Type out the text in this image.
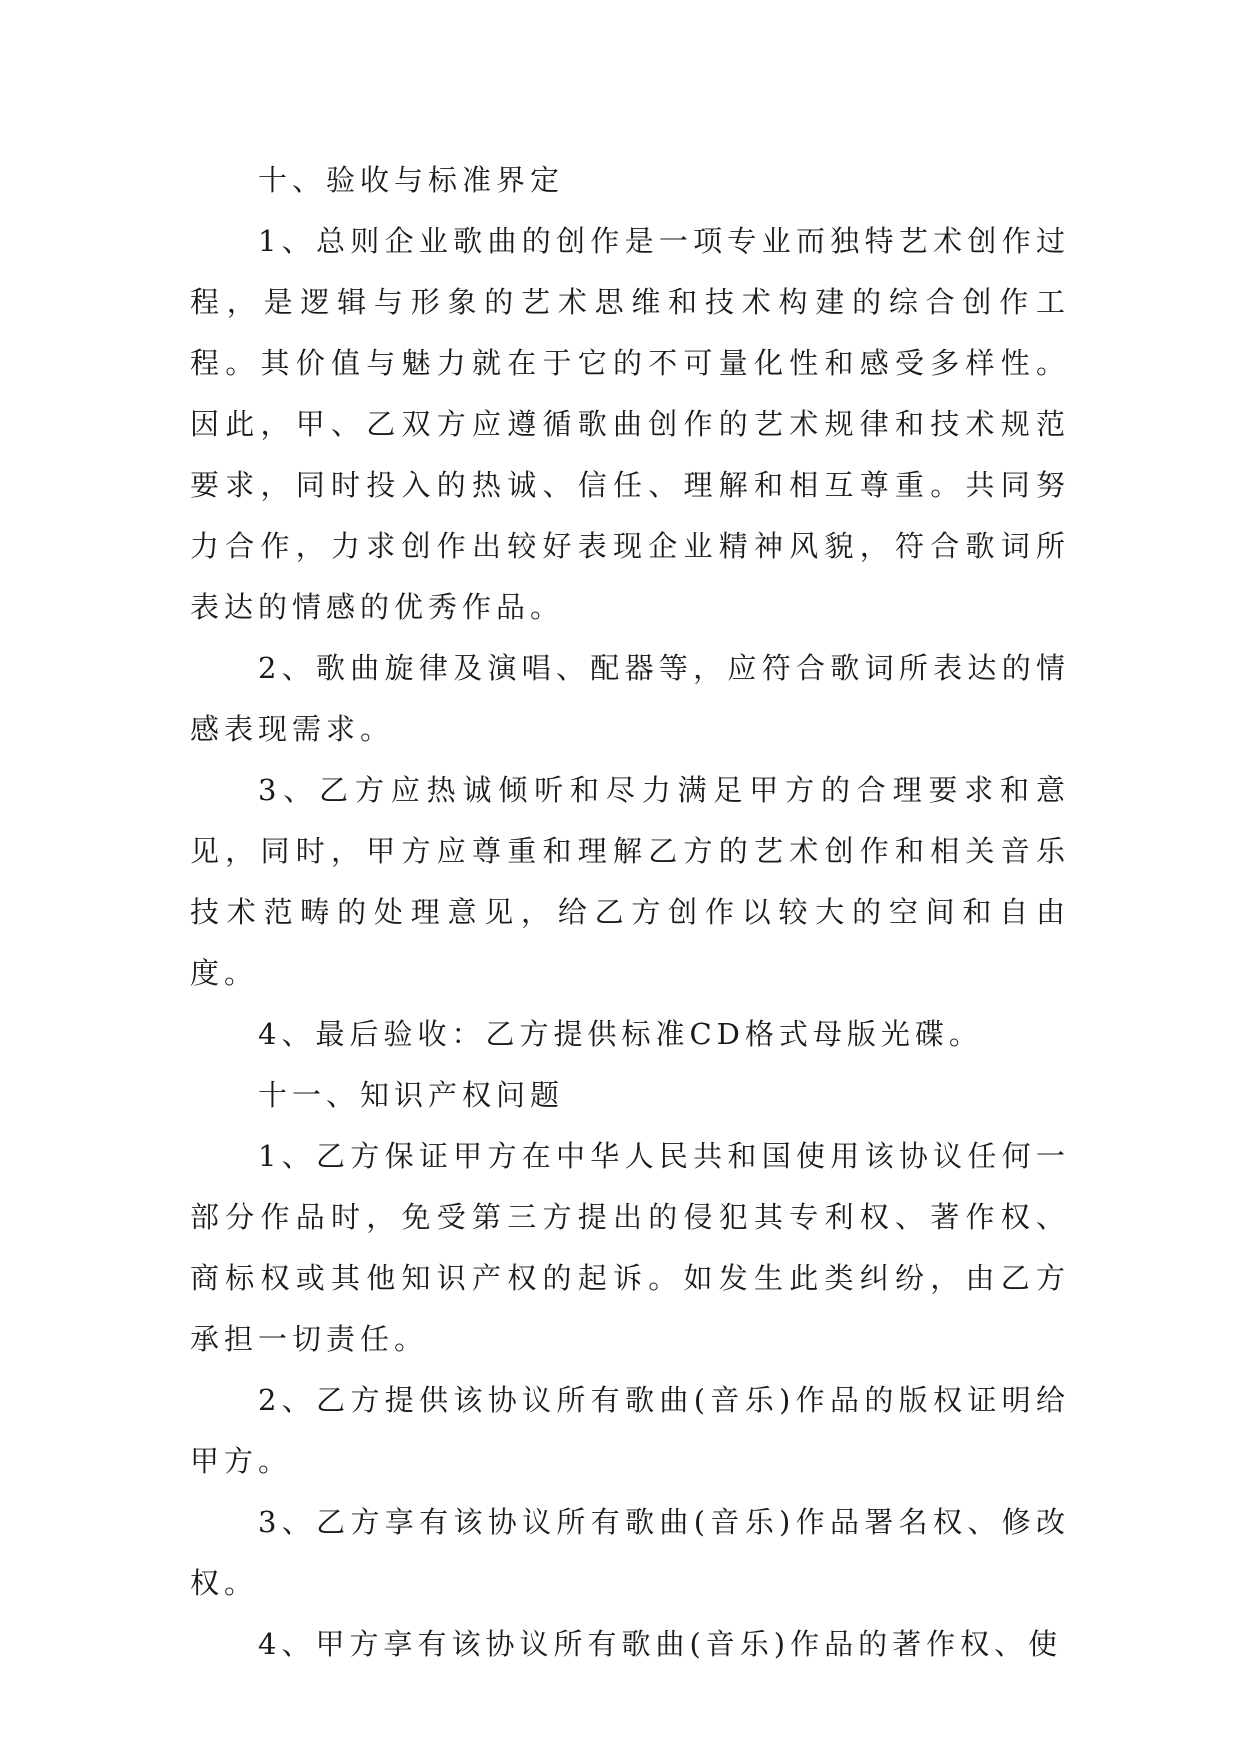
十、验收与标准界定

1、总则企业歌曲的创作是一项专业而独特艺术创作过程，是逻辑与形象的艺术思维和技术构建的综合创作工程。其价值与魅力就在于它的不可量化性和感受多样性。因此，甲、乙双方应遵循歌曲创作的艺术规律和技术规范要求，同时投入的热诚、信任、理解和相互尊重。共同努力合作，力求创作出较好表现企业精神风貌，符合歌词所表达的情感的优秀作品。

2、歌曲旋律及演唱、配器等，应符合歌词所表达的情感表现需求。

3、乙方应热诚倾听和尽力满足甲方的合理要求和意见，同时，甲方应尊重和理解乙方的艺术创作和相关音乐技术范畴的处理意见，给乙方创作以较大的空间和自由度。

4、最后验收：乙方提供标准CD格式母版光碟。

十一、知识产权问题

1、乙方保证甲方在中华人民共和国使用该协议任何一部分作品时，免受第三方提出的侵犯其专利权、著作权、商标权或其他知识产权的起诉。如发生此类纠纷，由乙方承担一切责任。

2、乙方提供该协议所有歌曲(音乐)作品的版权证明给甲方。

3、乙方享有该协议所有歌曲(音乐)作品署名权、修改权。

4、甲方享有该协议所有歌曲(音乐)作品的著作权、使
